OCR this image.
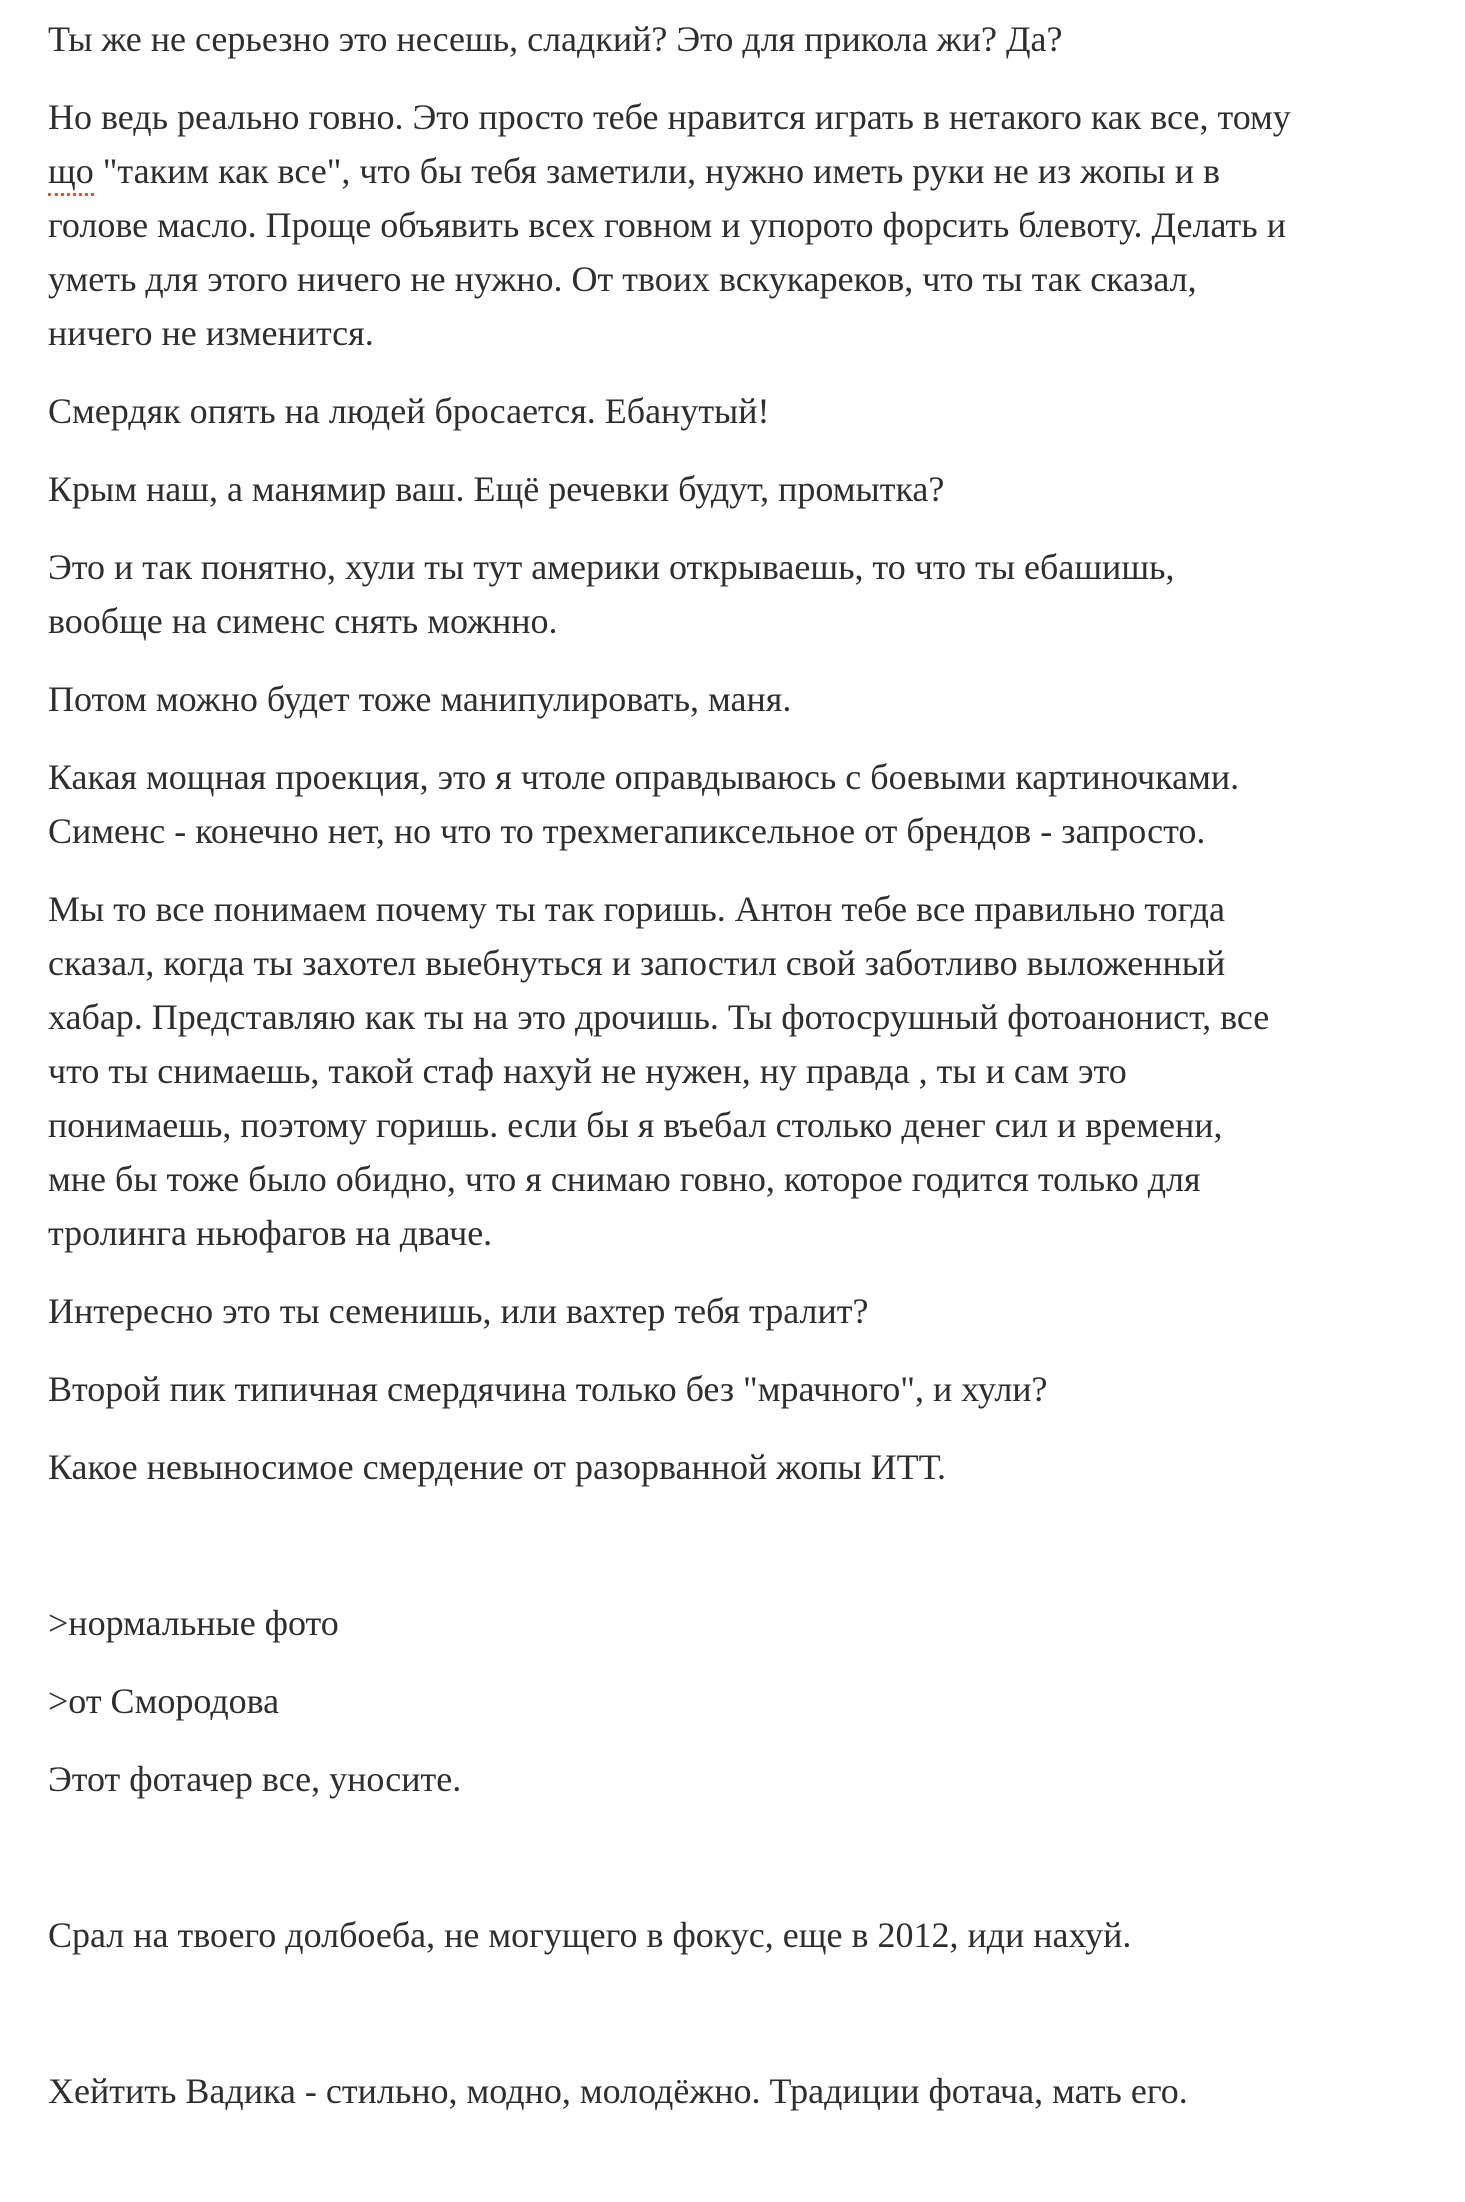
Ты же не серьезно это несешь, сладкий? Это для прикола жи? Да?
Но ведь реально говно. Это просто тебе нравится играть в нетакого как все, тому
що "таким как все", что бы тебя заметили, нужно иметь руки не из жопы и в
голове масло. Проще объявить всех говном и упорото форсить блевоту. Делать и
уметь для этого ничего не нужно. От твоих вскукареков, что ты так сказал,
ничего не изменится.
Смердяк опять на людей бросается. Ебанутый!
Крым наш, а манямир ваш. Ещё речевки будут, промытка?
Это и так понятно, хули ты тут америки открываешь, то что ты ебашишь,
вообще на сименс снять можнно.
Потом можно будет тоже манипулировать, маня.
Какая мощная проекция, это я чтоле оправдываюсь с боевыми картиночками.
Сименс - конечно нет, но что то трехмегапиксельное от брендов - запросто.
Мы то все понимаем почему ты так горишь. Антон тебе все правильно тогда
сказал, когда ты захотел выебнуться и запостил свой заботливо выложенный
хабар. Представляю как ты на это дрочишь. Ты фотосрушный фотоанонист, все
что ты снимаешь, такой стаф нахуй не нужен, ну правда , ты и сам это
понимаешь, поэтому горишь. если бы я въебал столько денег сил и времени,
мне бы тоже было обидно, что я снимаю говно, которое годится только для
тролинга ньюфагов на дваче.
Интересно это ты семенишь, или вахтер тебя тралит?
Второй пик типичная смердячина только без "мрачного", и хули?
Какое невыносимое смердение от разорванной жопы ИТТ.

>нормальные фото
>от Смородова
Этот фотачер все, уносите.

Срал на твоего долбоеба, не могущего в фокус, еще в 2012, иди нахуй.

Хейтить Вадика - стильно, модно, молодёжно. Традиции фотача, мать его.
